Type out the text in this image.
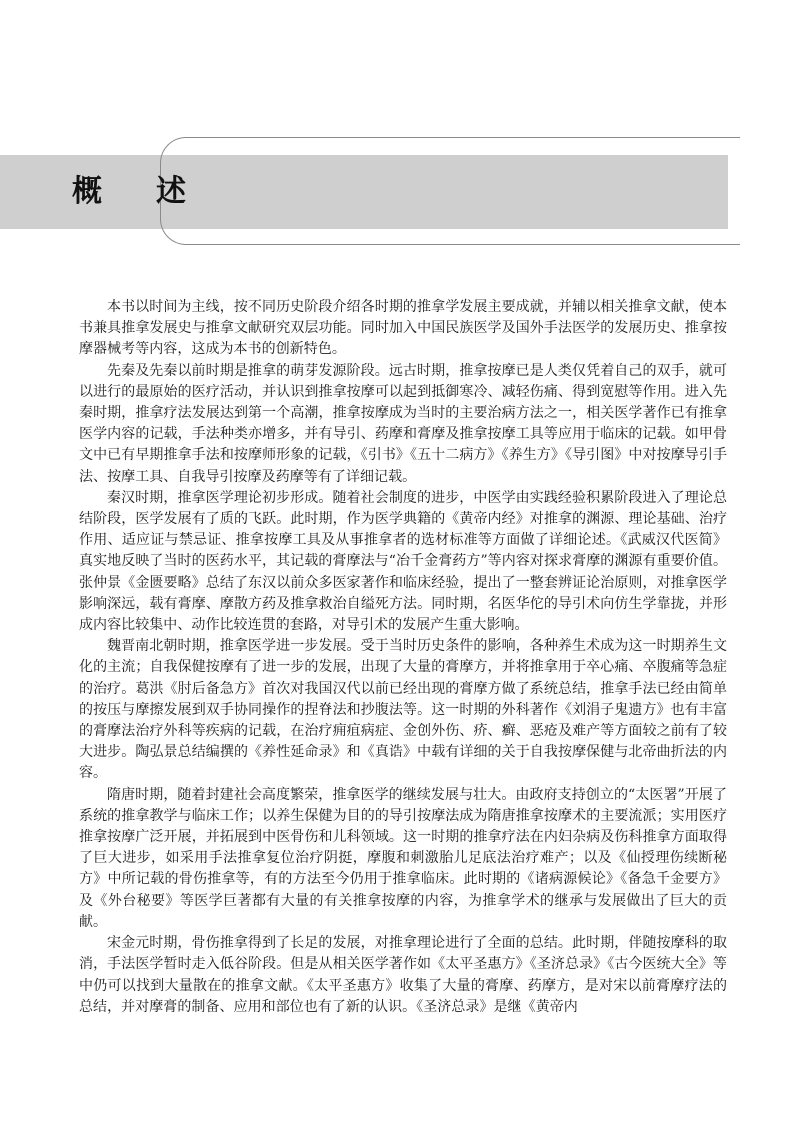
概述

本书以时间为主线，按不同历史阶段介绍各时期的推拿学发展主要成就，并辅以相关推拿文献，使本书兼具推拿发展史与推拿文献研究双层功能。同时加入中国民族医学及国外手法医学的发展历史、推拿按摩器械考等内容，这成为本书的创新特色。

先秦及先秦以前时期是推拿的萌芽发源阶段。远古时期，推拿按摩已是人类仅凭着自己的双手，就可以进行的最原始的医疗活动，并认识到推拿按摩可以起到抵御寒冷、减轻伤痛、得到宽慰等作用。进入先秦时期，推拿疗法发展达到第一个高潮，推拿按摩成为当时的主要治病方法之一，相关医学著作已有推拿医学内容的记载，手法种类亦增多，并有导引、药摩和膏摩及推拿按摩工具等应用于临床的记载。如甲骨文中已有早期推拿手法和按摩师形象的记载，《引书》《五十二病方》《养生方》《导引图》中对按摩导引手法、按摩工具、自我导引按摩及药摩等有了详细记载。

秦汉时期，推拿医学理论初步形成。随着社会制度的进步，中医学由实践经验积累阶段进入了理论总结阶段，医学发展有了质的飞跃。此时期，作为医学典籍的《黄帝内经》对推拿的渊源、理论基础、治疗作用、适应证与禁忌证、推拿按摩工具及从事推拿者的选材标准等方面做了详细论述。《武威汉代医简》真实地反映了当时的医药水平，其记载的膏摩法与“冶千金膏药方”等内容对探求膏摩的渊源有重要价值。张仲景《金匮要略》总结了东汉以前众多医家著作和临床经验，提出了一整套辨证论治原则，对推拿医学影响深远，载有膏摩、摩散方药及推拿救治自缢死方法。同时期，名医华佗的导引术向仿生学靠拢，并形成内容比较集中、动作比较连贯的套路，对导引术的发展产生重大影响。

魏晋南北朝时期，推拿医学进一步发展。受于当时历史条件的影响，各种养生术成为这一时期养生文化的主流；自我保健按摩有了进一步的发展，出现了大量的膏摩方，并将推拿用于卒心痛、卒腹痛等急症的治疗。葛洪《肘后备急方》首次对我国汉代以前已经出现的膏摩方做了系统总结，推拿手法已经由简单的按压与摩擦发展到双手协同操作的捏脊法和抄腹法等。这一时期的外科著作《刘涓子鬼遗方》也有丰富的膏摩法治疗外科等疾病的记载，在治疗痈疽病症、金创外伤、疥、癣、恶疮及难产等方面较之前有了较大进步。陶弘景总结编撰的《养性延命录》和《真诰》中载有详细的关于自我按摩保健与北帝曲折法的内容。

隋唐时期，随着封建社会高度繁荣，推拿医学的继续发展与壮大。由政府支持创立的“太医署”开展了系统的推拿教学与临床工作；以养生保健为目的的导引按摩法成为隋唐推拿按摩术的主要流派；实用医疗推拿按摩广泛开展，并拓展到中医骨伤和儿科领域。这一时期的推拿疗法在内妇杂病及伤科推拿方面取得了巨大进步，如采用手法推拿复位治疗阴挺，摩腹和刺激胎儿足底法治疗难产；以及《仙授理伤续断秘方》中所记载的骨伤推拿等，有的方法至今仍用于推拿临床。此时期的《诸病源候论》《备急千金要方》及《外台秘要》等医学巨著都有大量的有关推拿按摩的内容，为推拿学术的继承与发展做出了巨大的贡献。

宋金元时期，骨伤推拿得到了长足的发展，对推拿理论进行了全面的总结。此时期，伴随按摩科的取消，手法医学暂时走入低谷阶段。但是从相关医学著作如《太平圣惠方》《圣济总录》《古今医统大全》等中仍可以找到大量散在的推拿文献。《太平圣惠方》收集了大量的膏摩、药摩方，是对宋以前膏摩疗法的总结，并对摩膏的制备、应用和部位也有了新的认识。《圣济总录》是继《黄帝内
